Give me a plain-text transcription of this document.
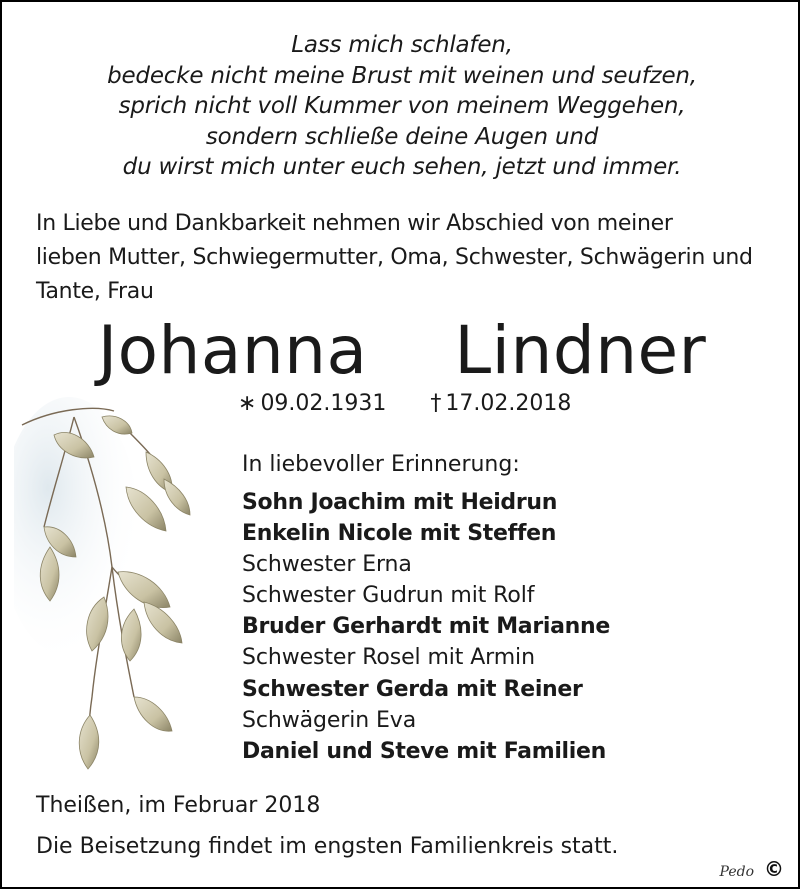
Lass mich schlafen,
bedecke nicht meine Brust mit weinen und seufzen,
sprich nicht voll Kummer von meinem Weggehen,
sondern schließe deine Augen und
du wirst mich unter euch sehen, jetzt und immer.
In Liebe und Dankbarkeit nehmen wir Abschied von meiner
lieben Mutter, Schwiegermutter, Oma, Schwester, Schwägerin und
Tante, Frau
Johanna  Lindner
∗ 09.02.1931 † 17.02.2018
In liebevoller Erinnerung:
Sohn Joachim mit Heidrun
Enkelin Nicole mit Steffen
Schwester Erna
Schwester Gudrun mit Rolf
Bruder Gerhardt mit Marianne
Schwester Rosel mit Armin
Schwester Gerda mit Reiner
Schwägerin Eva
Daniel und Steve mit Familien
Theißen, im Februar 2018
Die Beisetzung findet im engsten Familienkreis statt.
Pedo ©
